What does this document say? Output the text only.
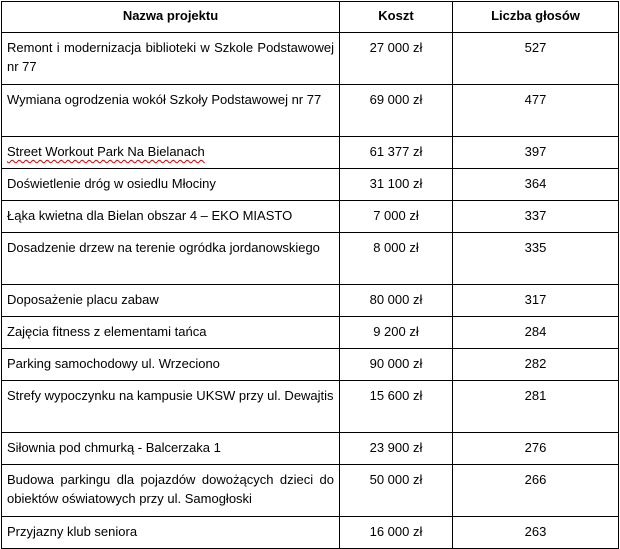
Nazwa projektu	Koszt	Liczba głosów
Remont i modernizacja biblioteki w Szkole Podstawowej nr 77	27 000 zł	527
Wymiana ogrodzenia wokół Szkoły Podstawowej nr 77	69 000 zł	477
Street Workout Park Na Bielanach	61 377 zł	397
Doświetlenie dróg w osiedlu Młociny	31 100 zł	364
Łąka kwietna dla Bielan obszar 4 – EKO MIASTO	7 000 zł	337
Dosadzenie drzew na terenie ogródka jordanowskiego	8 000 zł	335
Doposażenie placu zabaw	80 000 zł	317
Zajęcia fitness z elementami tańca	9 200 zł	284
Parking samochodowy ul. Wrzeciono	90 000 zł	282
Strefy wypoczynku na kampusie UKSW przy ul. Dewajtis	15 600 zł	281
Siłownia pod chmurką - Balcerzaka 1	23 900 zł	276
Budowa parkingu dla pojazdów dowożących dzieci do obiektów oświatowych przy ul. Samogłoski	50 000 zł	266
Przyjazny klub seniora	16 000 zł	263
